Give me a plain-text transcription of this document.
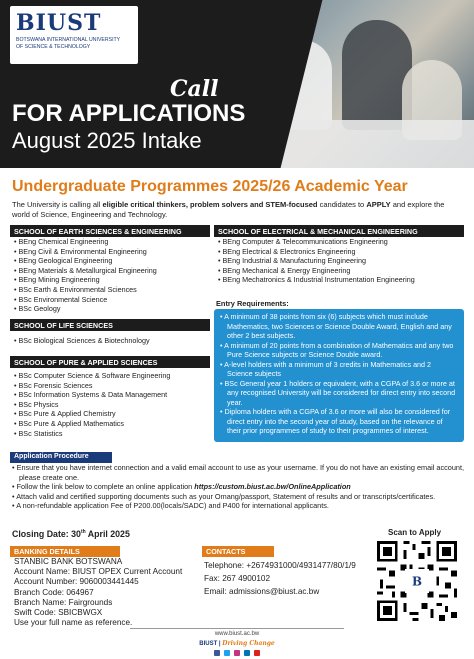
BIUST
BOTSWANA INTERNATIONAL UNIVERSITY
OF SCIENCE & TECHNOLOGY
Call
FOR APPLICATIONS
August 2025 Intake
Undergraduate Programmes 2025/26 Academic Year
The University is calling all eligible critical thinkers, problem solvers and STEM-focused candidates to APPLY and explore the world of Science, Engineering and Technology.
SCHOOL OF EARTH SCIENCES & ENGINEERING
• BEng Chemical Engineering
• BEng Civil & Environmental Engineering
• BEng Geological Engineering
• BEng Materials & Metallurgical Engineering
• BEng Mining Engineering
• BSc Earth & Environmental Sciences
• BSc Environmental Science
• BSc Geology
SCHOOL OF LIFE SCIENCES
• BSc Biological Sciences & Biotechnology
SCHOOL OF PURE & APPLIED SCIENCES
• BSc Computer Science & Software Engineering
• BSc Forensic Sciences
• BSc Information Systems & Data Management
• BSc Physics
• BSc Pure & Applied Chemistry
• BSc Pure & Applied Mathematics
• BSc Statistics
SCHOOL OF ELECTRICAL & MECHANICAL ENGINEERING
• BEng Computer & Telecommunications Engineering
• BEng Electrical & Electronics Engineering
• BEng Industrial & Manufacturing Engineering
• BEng Mechanical & Energy Engineering
• BEng Mechatronics & Industrial Instrumentation Engineering
Entry Requirements:
• A minimum of 38 points from six (6) subjects which must include Mathematics, two Sciences or Science Double Award, English and any other 2 best subjects.
• A minimum of 20 points from a combination of Mathematics and any two Pure Science subjects or Science Double award.
• A-level holders with a minimum of 3 credits in Mathematics and 2 Science subjects
• BSc General year 1 holders or equivalent, with a CGPA of 3.6 or more at any recognised University will be considered for direct entry into second year.
• Diploma holders with a CGPA of 3.6 or more will also be considered for direct entry into the second year of study, based on the relevance of their prior programmes of study to their programmes of interest.
Application Procedure
• Ensure that you have internet connection and a valid email account to use as your username. If you do not have an existing email account, please create one.
• Follow the link below to complete an online application https://custom.biust.ac.bw/OnlineApplication
• Attach valid and certified supporting documents such as your Omang/passport, Statement of results and or transcripts/certificates.
• A non-refundable application Fee of P200.00(locals/SADC) and P400 for international applicants.
Closing Date: 30th April 2025
BANKING DETAILS
STANBIC BANK BOTSWANA
Account Name: BIUST OPEX Current Account
Account Number: 9060003441445
Branch Code: 064967
Branch Name: Fairgrounds
Swift Code: SBICBWGX
Use your full name as reference.
CONTACTS
Telephone: +2674931000/4931477/80/1/9
Fax: 267 4900102
Email: admissions@biust.ac.bw
Scan to Apply
B
www.biust.ac.bw
BIUST | Driving Change
